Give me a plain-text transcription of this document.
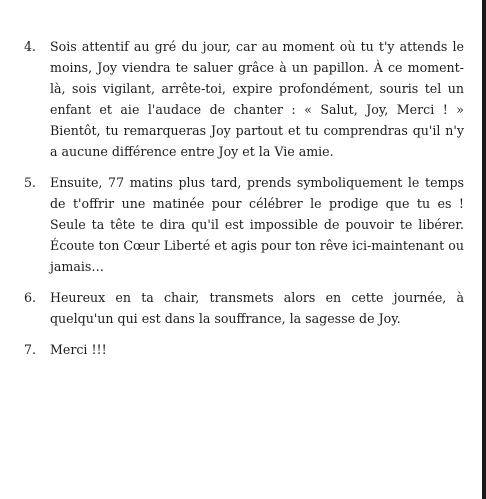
4.	Sois attentif au gré du jour, car au moment où tu t'y attends le moins, Joy viendra te saluer grâce à un papillon. À ce moment-là, sois vigilant, arrête-toi, expire profondément, souris tel un enfant et aie l'audace de chanter : « Salut, Joy, Merci ! » Bientôt, tu remarqueras Joy partout et tu comprendras qu'il n'y a aucune différence entre Joy et la Vie amie.

5.	Ensuite, 77 matins plus tard, prends symboliquement le temps de t'offrir une matinée pour célébrer le prodige que tu es ! Seule ta tête te dira qu'il est impossible de pouvoir te libérer. Écoute ton Cœur Liberté et agis pour ton rêve ici-maintenant ou jamais…

6.	Heureux en ta chair, transmets alors en cette journée, à quelqu'un qui est dans la souffrance, la sagesse de Joy.

7.	Merci !!!
